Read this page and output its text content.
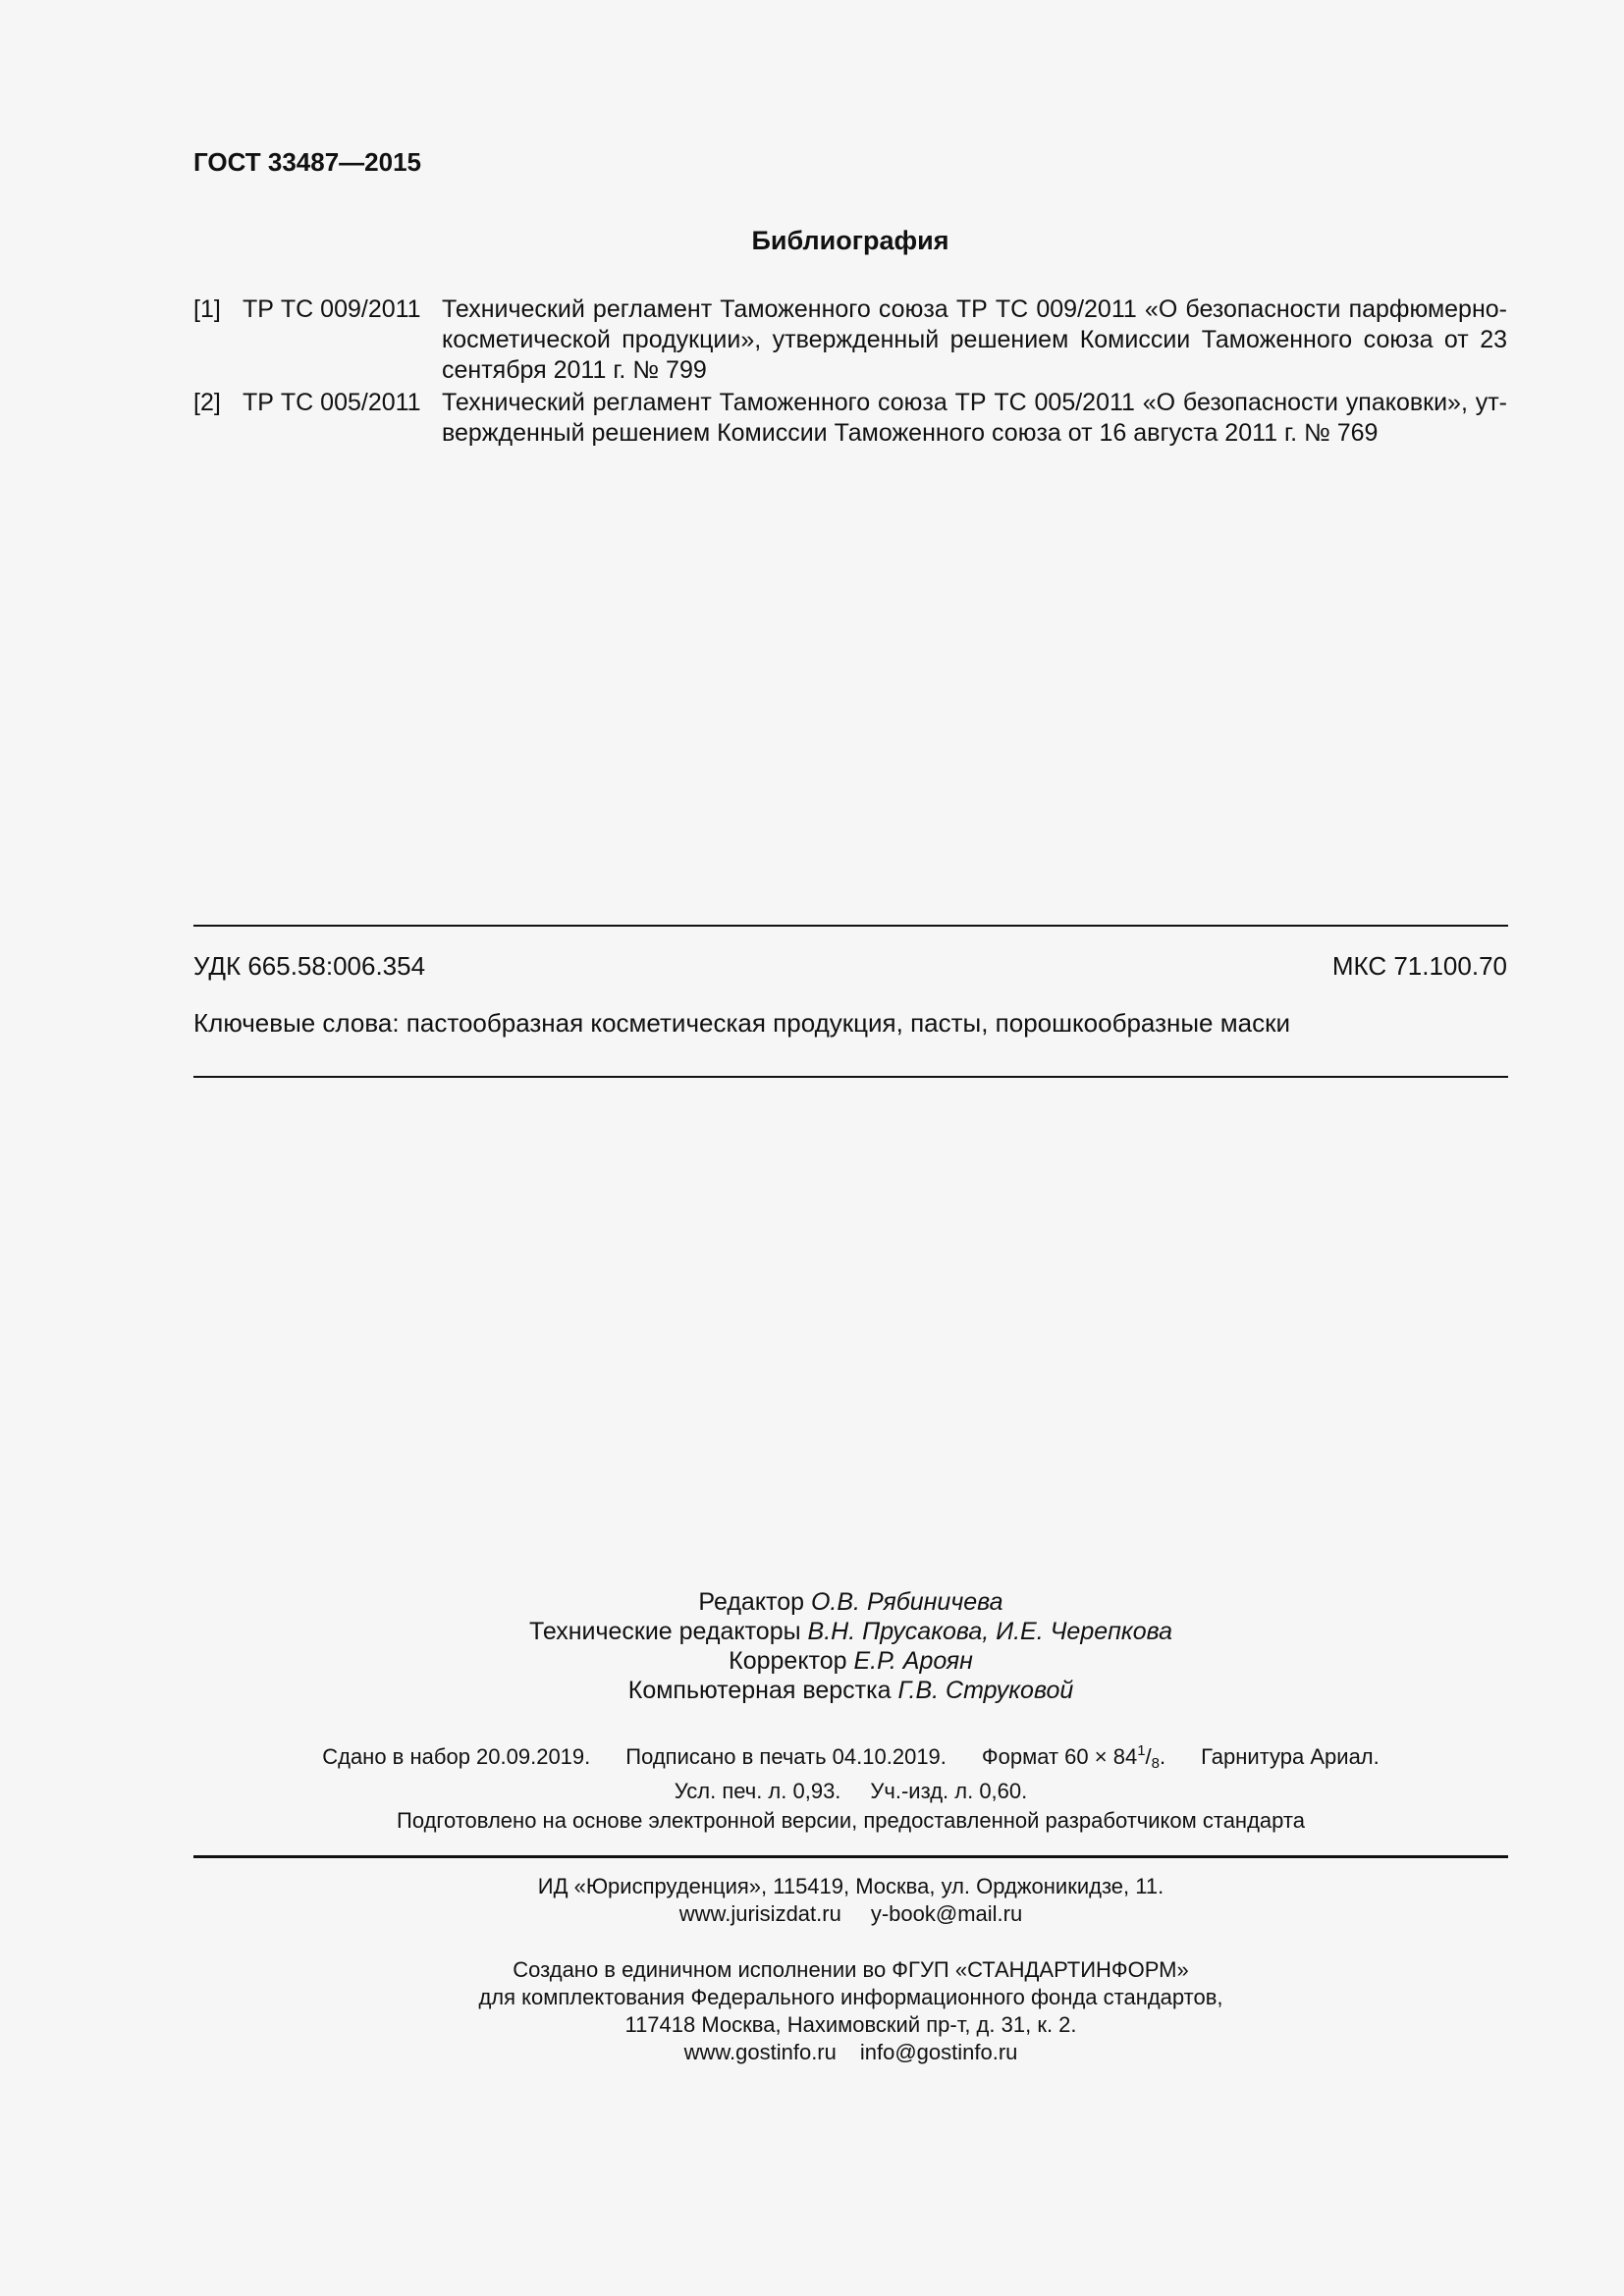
ГОСТ 33487—2015
Библиография
[1] ТР ТС 009/2011 Технический регламент Таможенного союза ТР ТС 009/2011 «О безопасности парфюмерно-косметической продукции», утвержденный решением Комиссии Таможенного союза от 23 сентября 2011 г. № 799
[2] ТР ТС 005/2011 Технический регламент Таможенного союза ТР ТС 005/2011 «О безопасности упаковки», утвержденный решением Комиссии Таможенного союза от 16 августа 2011 г. № 769
УДК 665.58:006.354	МКС 71.100.70
Ключевые слова: пастообразная косметическая продукция, пасты, порошкообразные маски
Редактор О.В. Рябиничева
Технические редакторы В.Н. Прусакова, И.Е. Черепкова
Корректор Е.Р. Ароян
Компьютерная верстка Г.В. Струковой
Сдано в набор 20.09.2019. Подписано в печать 04.10.2019. Формат $60 \times 84^1/_8$. Гарнитура Ариал.
Усл. печ. л. 0,93. Уч.-изд. л. 0,60.
Подготовлено на основе электронной версии, предоставленной разработчиком стандарта
ИД «Юриспруденция», 115419, Москва, ул. Орджоникидзе, 11.
www.jurisizdat.ru y-book@mail.ru
Создано в единичном исполнении во ФГУП «СТАНДАРТИНФОРМ»
для комплектования Федерального информационного фонда стандартов,
117418 Москва, Нахимовский пр-т, д. 31, к. 2.
www.gostinfo.ru info@gostinfo.ru
